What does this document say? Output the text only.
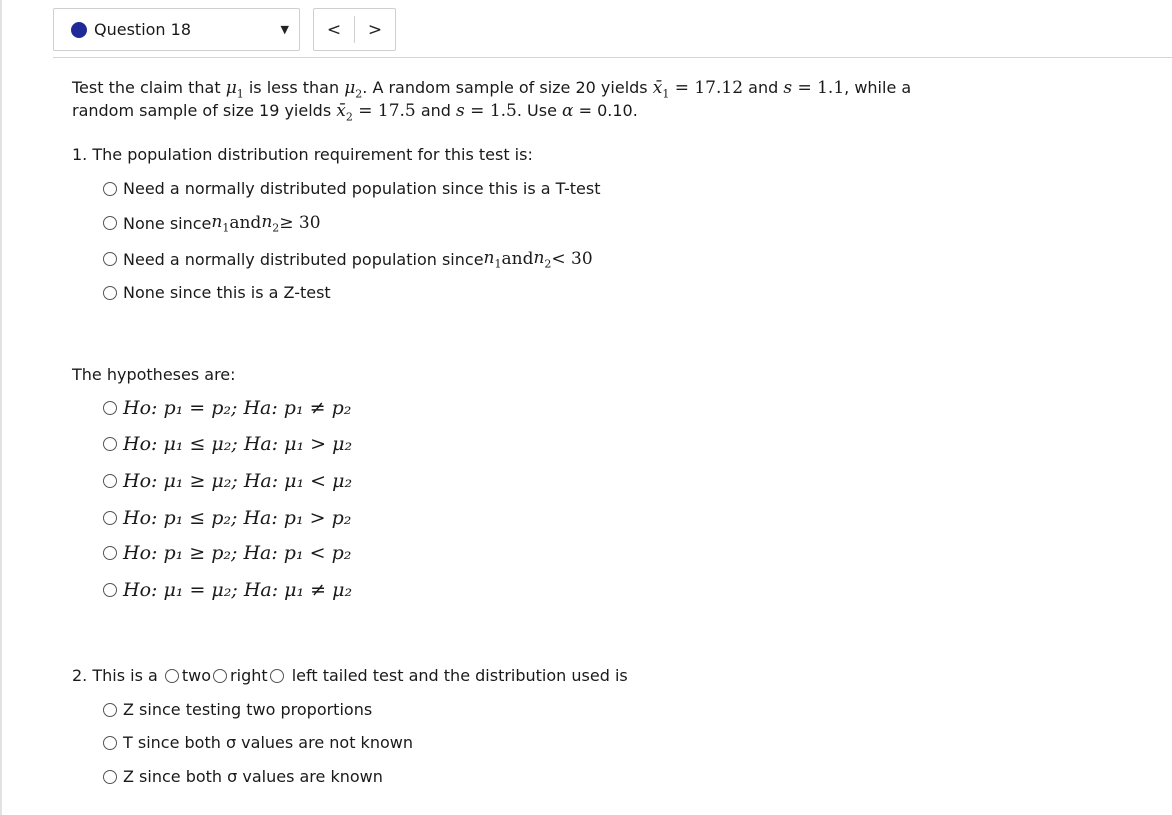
Question 18	▼	<	>
Test the claim that $\mu_1$ is less than $\mu_2$. A random sample of size 20 yields $x̄_1 = 17.12$ and s = 1.1, while a
random sample of size 19 yields $x̄_2 = 17.5$ and s = 1.5. Use α = 0.10.
1. The population distribution requirement for this test is:
Need a normally distributed population since this is a T-test
None since $n_1$ and $n_2 \ge 30$
Need a normally distributed population since $n_1$ and $n_2 < 30$
None since this is a Z-test
The hypotheses are:
Ho: p₁ = p₂; Ha: p₁ ≠ p₂
Ho: μ₁ ≤ μ₂; Ha: μ₁ > μ₂
Ho: μ₁ ≥ μ₂; Ha: μ₁ < μ₂
Ho: p₁ ≤ p₂; Ha: p₁ > p₂
Ho: p₁ ≥ p₂; Ha: p₁ < p₂
Ho: μ₁ = μ₂; Ha: μ₁ ≠ μ₂
2. This is a two right left tailed test and the distribution used is
Z since testing two proportions
T since both σ values are not known
Z since both σ values are known
